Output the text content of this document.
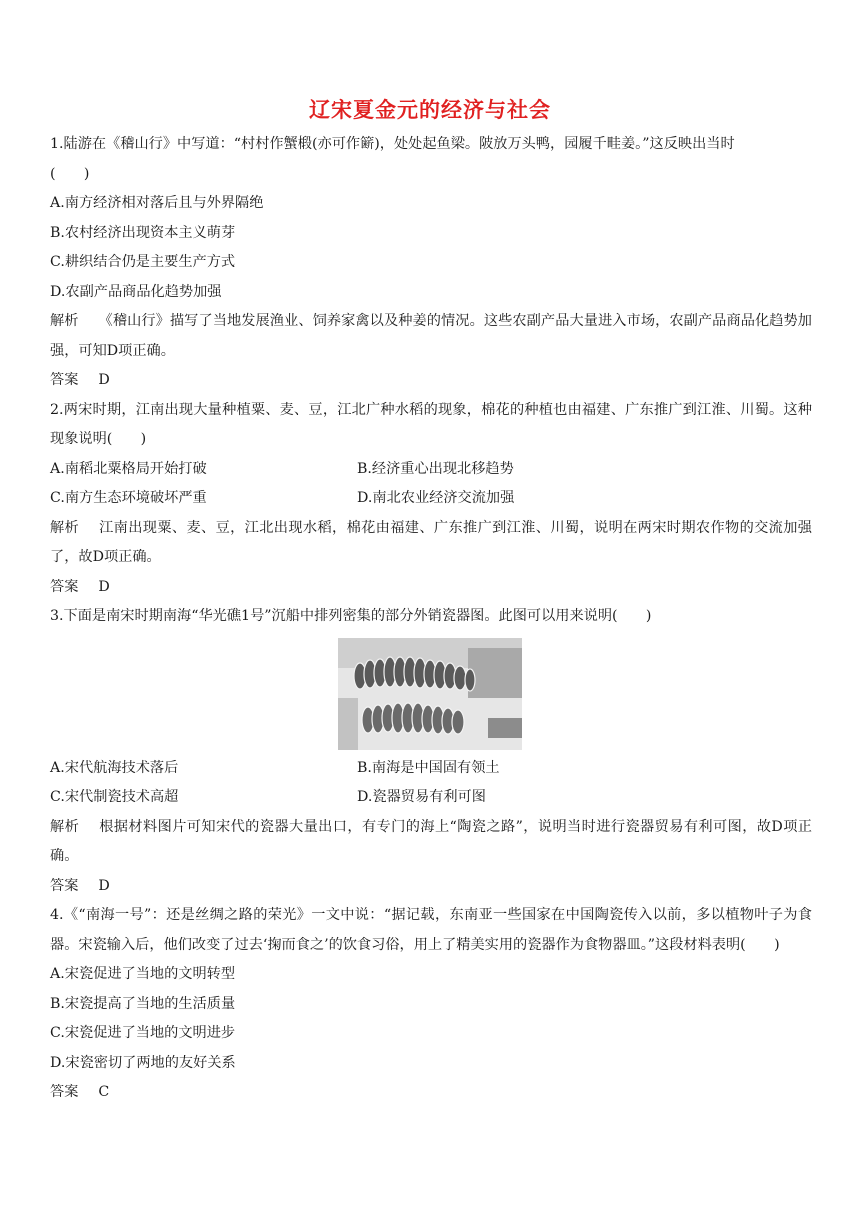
辽宋夏金元的经济与社会
1.陆游在《稽山行》中写道：“村村作蟹椴(亦可作簖)，处处起鱼梁。陂放万头鸭，园履千畦姜。”这反映出当时
(　　)
A.南方经济相对落后且与外界隔绝
B.农村经济出现资本主义萌芽
C.耕织结合仍是主要生产方式
D.农副产品商品化趋势加强
解析 《稽山行》描写了当地发展渔业、饲养家禽以及种姜的情况。这些农副产品大量进入市场，农副产品商品化趋势加强，可知D项正确。
答案 D
2.两宋时期，江南出现大量种植粟、麦、豆，江北广种水稻的现象，棉花的种植也由福建、广东推广到江淮、川蜀。这种现象说明(　　)
A.南稻北粟格局开始打破	B.经济重心出现北移趋势
C.南方生态环境破坏严重	D.南北农业经济交流加强
解析 江南出现粟、麦、豆，江北出现水稻，棉花由福建、广东推广到江淮、川蜀，说明在两宋时期农作物的交流加强了，故D项正确。
答案 D
3.下面是南宋时期南海“华光礁1号”沉船中排列密集的部分外销瓷器图。此图可以用来说明(　　)
A.宋代航海技术落后	B.南海是中国固有领土
C.宋代制瓷技术高超	D.瓷器贸易有利可图
解析 根据材料图片可知宋代的瓷器大量出口，有专门的海上“陶瓷之路”，说明当时进行瓷器贸易有利可图，故D项正确。
答案 D
4.《“南海一号”：还是丝绸之路的荣光》一文中说：“据记载，东南亚一些国家在中国陶瓷传入以前，多以植物叶子为食器。宋瓷输入后，他们改变了过去‘掬而食之’的饮食习俗，用上了精美实用的瓷器作为食物器皿。”这段材料表明(　　)
A.宋瓷促进了当地的文明转型
B.宋瓷提高了当地的生活质量
C.宋瓷促进了当地的文明进步
D.宋瓷密切了两地的友好关系
答案 C
